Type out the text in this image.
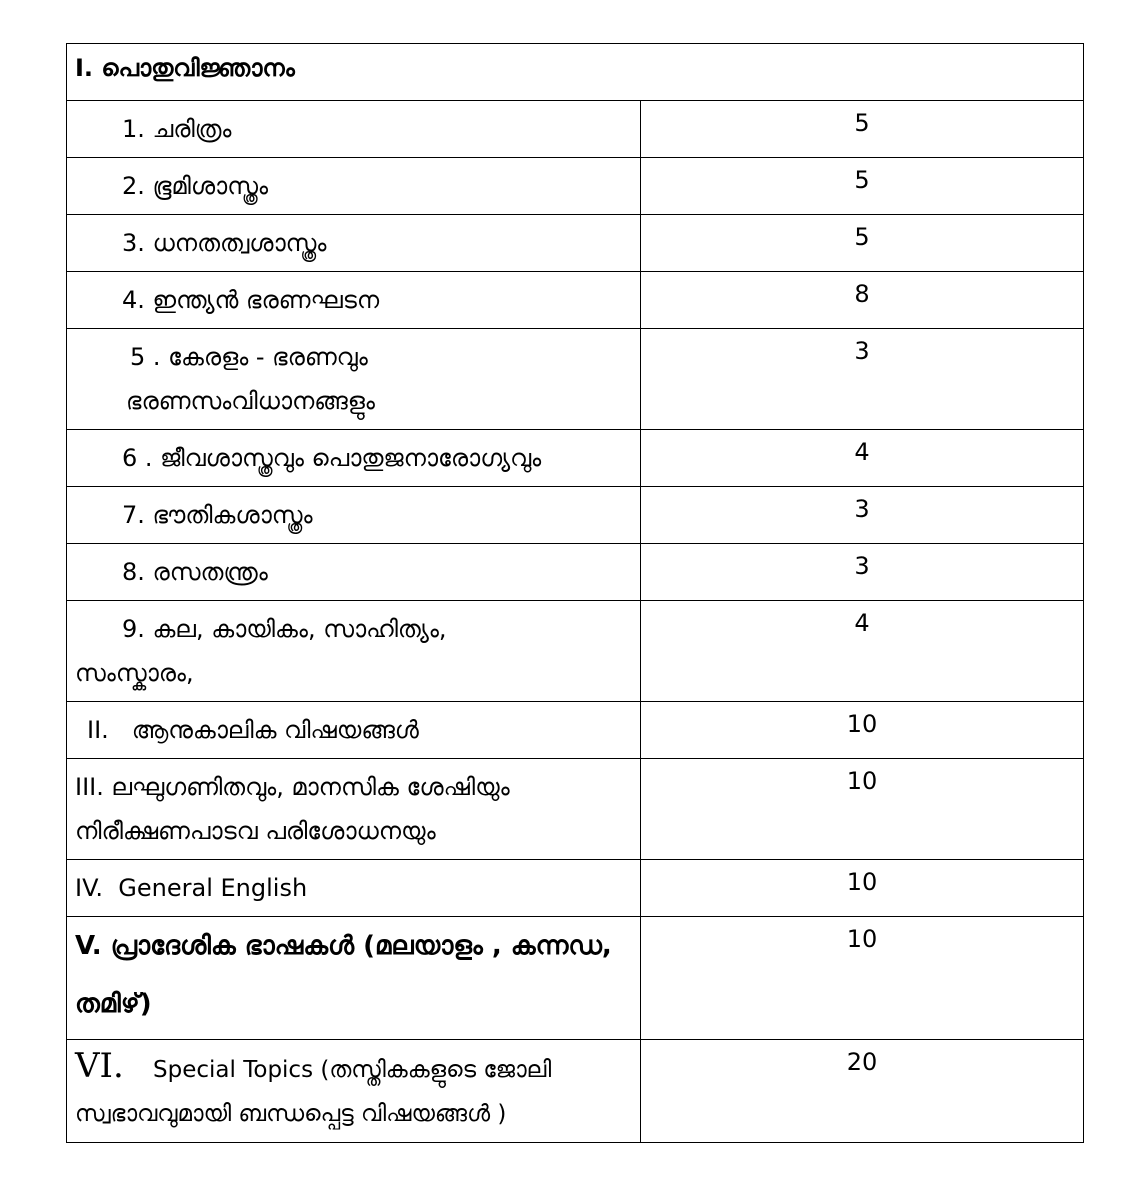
I. പൊതുവിജ്ഞാനം	
1. ചരിത്രം	5
2. ഭൂമിശാസ്ത്രം	5
3. ധനതത്വശാസ്ത്രം	5
4. ഇന്ത്യൻ ഭരണഘടന	8

5 . കേരളം - ഭരണവും
ഭരണസംവിധാനങ്ങളും	3
6 . ജീവശാസ്ത്രവും പൊതുജനാരോഗ്യവും	4
7. ഭൗതികശാസ്ത്രം	3
8. രസതന്ത്രം	3

9. കല, കായികം, സാഹിത്യം,
സംസ്കാരം,	4
II. ആനുകാലിക വിഷയങ്ങൾ	10

III. ലഘുഗണിതവും, മാനസിക ശേഷിയും
നിരീക്ഷണപാടവ പരിശോധനയും	10
IV. General English	10

V. പ്രാദേശിക ഭാഷകൾ (മലയാളം , കന്നഡ,
തമിഴ്)	10

VI. Special Topics (തസ്തികകളുടെ ജോലി
സ്വഭാവവുമായി ബന്ധപ്പെട്ട വിഷയങ്ങൾ )	20
